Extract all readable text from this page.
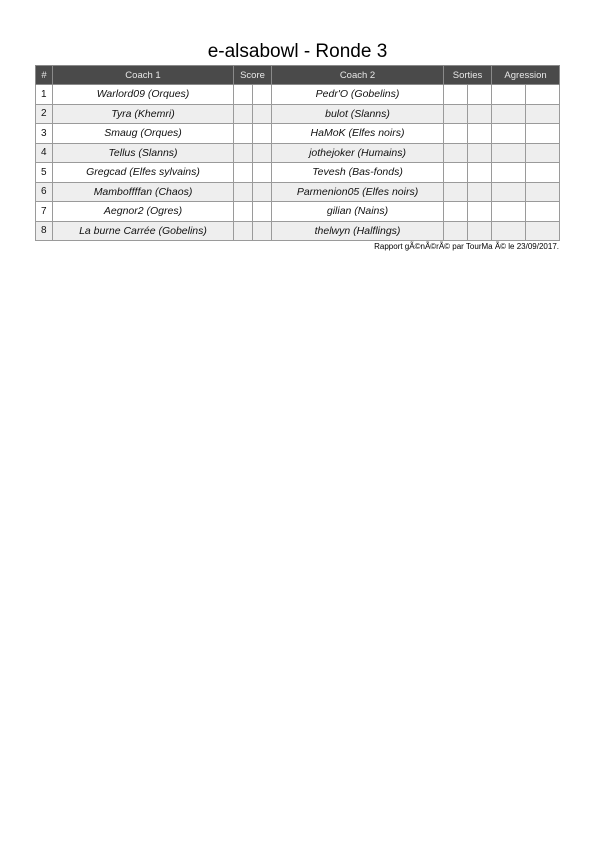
e-alsabowl - Ronde 3
#	Coach 1	Score		Coach 2	Sorties		Agression	
1	Warlord09 (Orques)			Pedr'O (Gobelins)				
2	Tyra (Khemri)			bulot (Slanns)				
3	Smaug (Orques)			HaMoK (Elfes noirs)				
4	Tellus (Slanns)			jothejoker (Humains)				
5	Gregcad (Elfes sylvains)			Tevesh (Bas-fonds)				
6	Mamboffffan (Chaos)			Parmenion05 (Elfes noirs)				
7	Aegnor2 (Ogres)			gilian (Nains)				
8	La burne Carrée (Gobelins)			thelwyn (Halflings)				
Rapport gÃ©nÃ©rÃ© par TourMa Ã© le 23/09/2017.
